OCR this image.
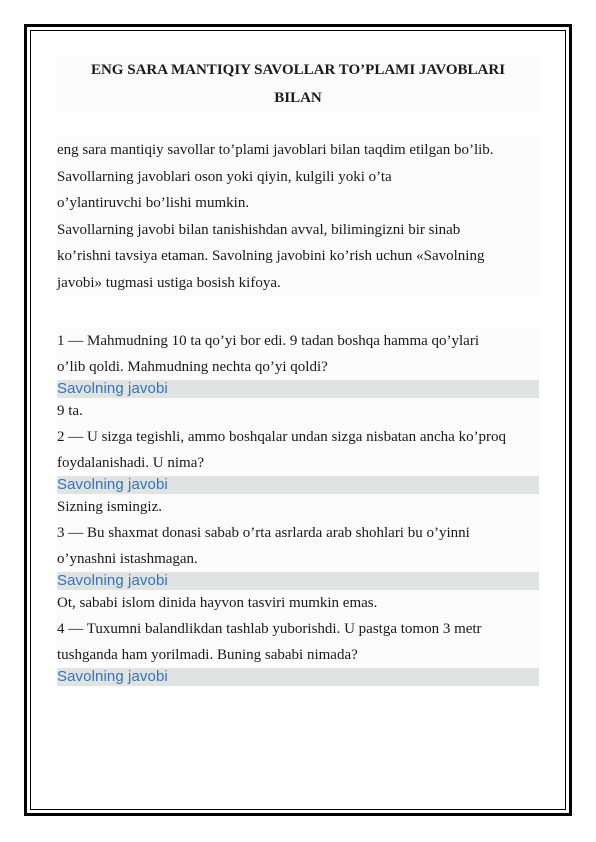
ENG SARA MANTIQIY SAVOLLAR TO’PLAMI JAVOBLARI
BILAN

eng sara mantiqiy savollar to’plami javoblari bilan taqdim etilgan bo’lib.

Savollarning javoblari oson yoki qiyin, kulgili yoki o’ta

o’ylantiruvchi bo’lishi mumkin.

Savollarning javobi bilan tanishishdan avval, bilimingizni bir sinab

ko’rishni tavsiya etaman. Savolning javobini ko’rish uchun «Savolning

javobi» tugmasi ustiga bosish kifoya.

1 — Mahmudning 10 ta qo’yi bor edi. 9 tadan boshqa hamma qo’ylari

o’lib qoldi. Mahmudning nechta qo’yi qoldi?

Savolning javobi

9 ta.

2 — U sizga tegishli, ammo boshqalar undan sizga nisbatan ancha ko’proq

foydalanishadi. U nima?

Savolning javobi

Sizning ismingiz.

3 — Bu shaxmat donasi sabab o’rta asrlarda arab shohlari bu o’yinni

o’ynashni istashmagan.

Savolning javobi

Ot, sababi islom dinida hayvon tasviri mumkin emas.

4 — Tuxumni balandlikdan tashlab yuborishdi. U pastga tomon 3 metr

tushganda ham yorilmadi. Buning sababi nimada?

Savolning javobi
